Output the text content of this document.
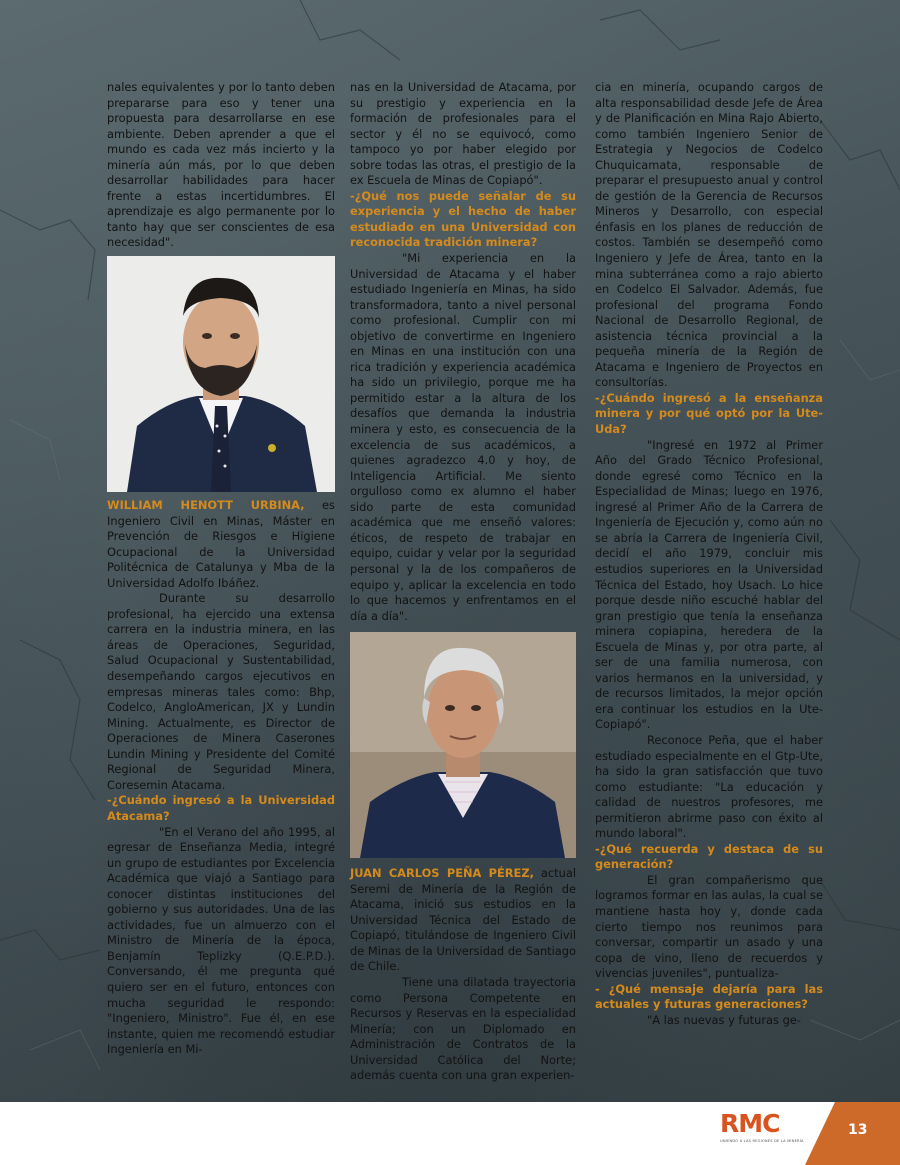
nales equivalentes y por lo tanto deben prepararse para eso y tener una propuesta para desarrollarse en ese ambiente. Deben aprender a que el mundo es cada vez más incierto y la minería aún más, por lo que deben desarrollar habilidades para hacer frente a estas incertidumbres. El aprendizaje es algo permanente por lo tanto hay que ser conscientes de esa necesidad".

WILLIAM HENOTT URBINA, es Ingeniero Civil en Minas, Máster en Prevención de Riesgos e Higiene Ocupacional de la Universidad Politécnica de Catalunya y Mba de la Universidad Adolfo Ibáñez.

Durante su desarrollo profesional, ha ejercido una extensa carrera en la industria minera, en las áreas de Operaciones, Seguridad, Salud Ocupacional y Sustentabilidad, desempeñando cargos ejecutivos en empresas mineras tales como: Bhp, Codelco, AngloAmerican, JX y Lundin Mining. Actualmente, es Director de Operaciones de Minera Caserones Lundin Mining y Presidente del Comité Regional de Seguridad Minera, Coresemin Atacama.

-¿Cuándo ingresó a la Universidad Atacama?

"En el Verano del año 1995, al egresar de Enseñanza Media, integré un grupo de estudiantes por Excelencia Académica que viajó a Santiago para conocer distintas instituciones del gobierno y sus autoridades. Una de las actividades, fue un almuerzo con el Ministro de Minería de la época, Benjamín Teplizky (Q.E.P.D.). Conversando, él me pregunta qué quiero ser en el futuro, entonces con mucha seguridad le respondo: "Ingeniero, Ministro". Fue él, en ese instante, quien me recomendó estudiar Ingeniería en Mi-

nas en la Universidad de Atacama, por su prestigio y experiencia en la formación de profesionales para el sector y él no se equivocó, como tampoco yo por haber elegido por sobre todas las otras, el prestigio de la ex Escuela de Minas de Copiapó".

-¿Qué nos puede señalar de su experiencia y el hecho de haber estudiado en una Universidad con reconocida tradición minera?

"Mi experiencia en la Universidad de Atacama y el haber estudiado Ingeniería en Minas, ha sido transformadora, tanto a nivel personal como profesional. Cumplir con mi objetivo de convertirme en Ingeniero en Minas en una institución con una rica tradición y experiencia académica ha sido un privilegio, porque me ha permitido estar a la altura de los desafíos que demanda la industria minera y esto, es consecuencia de la excelencia de sus académicos, a quienes agradezco 4.0 y hoy, de Inteligencia Artificial. Me siento orgulloso como ex alumno el haber sido parte de esta comunidad académica que me enseñó valores: éticos, de respeto de trabajar en equipo, cuidar y velar por la seguridad personal y la de los compañeros de equipo y, aplicar la excelencia en todo lo que hacemos y enfrentamos en el día a día".

JUAN CARLOS PEÑA PÉREZ, actual Seremi de Minería de la Región de Atacama, inició sus estudios en la Universidad Técnica del Estado de Copiapó, titulándose de Ingeniero Civil de Minas de la Universidad de Santiago de Chile.

Tiene una dilatada trayectoria como Persona Competente en Recursos y Reservas en la especialidad Minería; con un Diplomado en Administración de Contratos de la Universidad Católica del Norte; además cuenta con una gran experien-

cia en minería, ocupando cargos de alta responsabilidad desde Jefe de Área y de Planificación en Mina Rajo Abierto, como también Ingeniero Senior de Estrategia y Negocios de Codelco Chuquicamata, responsable de preparar el presupuesto anual y control de gestión de la Gerencia de Recursos Mineros y Desarrollo, con especial énfasis en los planes de reducción de costos. También se desempeñó como Ingeniero y Jefe de Área, tanto en la mina subterránea como a rajo abierto en Codelco El Salvador. Además, fue profesional del programa Fondo Nacional de Desarrollo Regional, de asistencia técnica provincial a la pequeña minería de la Región de Atacama e Ingeniero de Proyectos en consultorías.

-¿Cuándo ingresó a la enseñanza minera y por qué optó por la Ute-Uda?

"Ingresé en 1972 al Primer Año del Grado Técnico Profesional, donde egresé como Técnico en la Especialidad de Minas; luego en 1976, ingresé al Primer Año de la Carrera de Ingeniería de Ejecución y, como aún no se abría la Carrera de Ingeniería Civil, decidí el año 1979, concluir mis estudios superiores en la Universidad Técnica del Estado, hoy Usach. Lo hice porque desde niño escuché hablar del gran prestigio que tenía la enseñanza minera copiapina, heredera de la Escuela de Minas y, por otra parte, al ser de una familia numerosa, con varios hermanos en la universidad, y de recursos limitados, la mejor opción era continuar los estudios en la Ute-Copiapó".

Reconoce Peña, que el haber estudiado especialmente en el Gtp-Ute, ha sido la gran satisfacción que tuvo como estudiante: "La educación y calidad de nuestros profesores, me permitieron abrirme paso con éxito al mundo laboral".

-¿Qué recuerda y destaca de su generación?

El gran compañerismo que logramos formar en las aulas, la cual se mantiene hasta hoy y, donde cada cierto tiempo nos reunimos para conversar, compartir un asado y una copa de vino, lleno de recuerdos y vivencias juveniles", puntualiza-

- ¿Qué mensaje dejaría para las actuales y futuras generaciones?

"A las nuevas y futuras ge-

RMC
UNIENDO A LAS REGIONES DE LA MINERÍA
13
